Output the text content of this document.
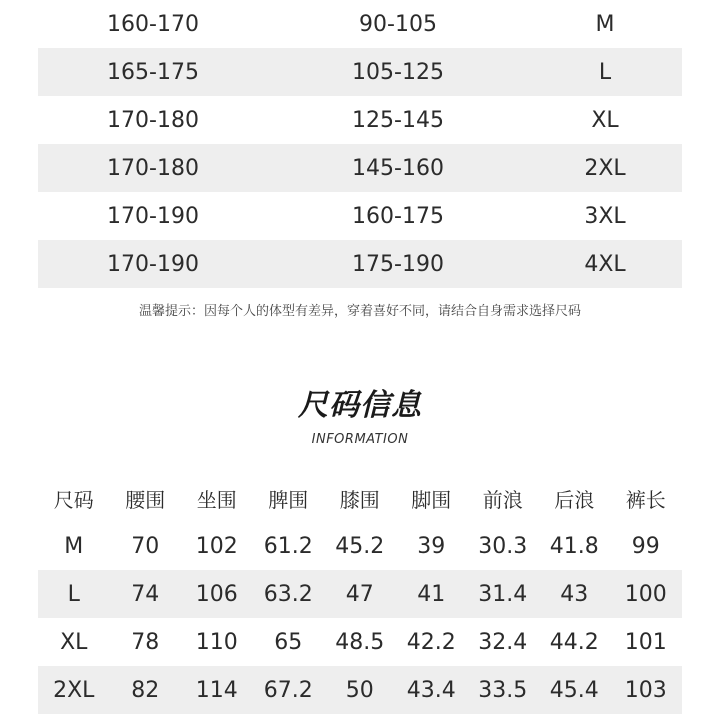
160-170	90-105	M
165-175	105-125	L
170-180	125-145	XL
170-180	145-160	2XL
170-190	160-175	3XL
170-190	175-190	4XL
温馨提示：因每个人的体型有差异，穿着喜好不同，请结合自身需求选择尺码
尺码信息
INFORMATION
尺码	腰围	坐围	脾围	膝围	脚围	前浪	后浪	裤长
M	70	102	61.2	45.2	39	30.3	41.8	99
L	74	106	63.2	47	41	31.4	43	100
XL	78	110	65	48.5	42.2	32.4	44.2	101
2XL	82	114	67.2	50	43.4	33.5	45.4	103
